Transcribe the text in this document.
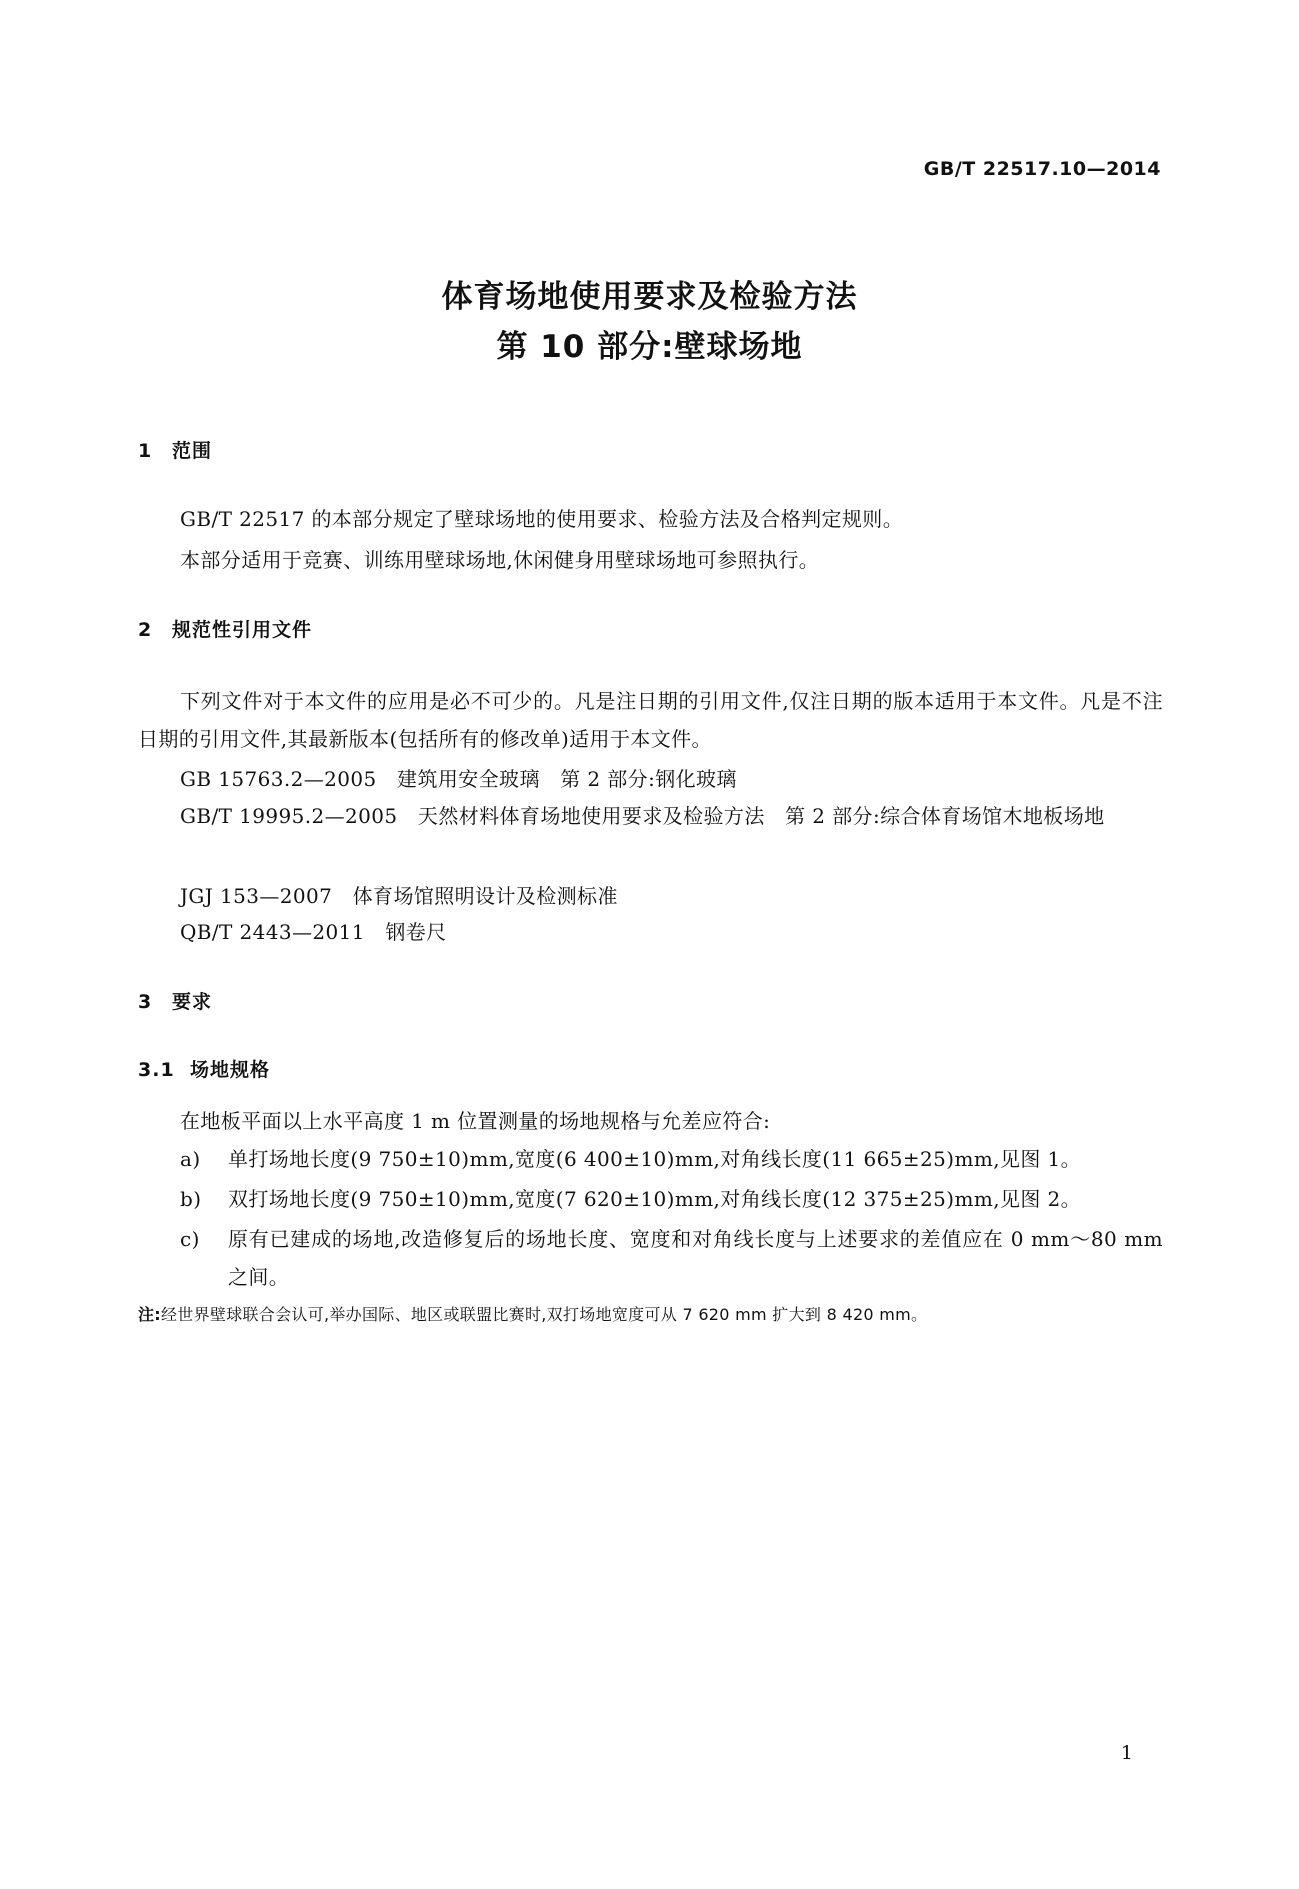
GB/T 22517.10—2014
体育场地使用要求及检验方法
第 10 部分:壁球场地
1 范围
GB/T 22517 的本部分规定了壁球场地的使用要求、检验方法及合格判定规则。
本部分适用于竞赛、训练用壁球场地,休闲健身用壁球场地可参照执行。
2 规范性引用文件
下列文件对于本文件的应用是必不可少的。凡是注日期的引用文件,仅注日期的版本适用于本文件。凡是不注日期的引用文件,其最新版本(包括所有的修改单)适用于本文件。
GB 15763.2—2005　 建筑用安全玻璃　第 2 部分:钢化玻璃
GB/T 19995.2—2005　 天然材料体育场地使用要求及检验方法　第 2 部分:综合体育场馆木地板场地
JGJ 153—2007　 体育场馆照明设计及检测标准
QB/T 2443—2011　 钢卷尺
3 要求
3.1 场地规格
在地板平面以上水平高度 1 m 位置测量的场地规格与允差应符合:
a) 单打场地长度(9 750±10)mm,宽度(6 400±10)mm,对角线长度(11 665±25)mm,见图 1。
b) 双打场地长度(9 750±10)mm,宽度(7 620±10)mm,对角线长度(12 375±25)mm,见图 2。
c) 原有已建成的场地,改造修复后的场地长度、宽度和对角线长度与上述要求的差值应在 0 mm～80 mm 之间。
注:经世界壁球联合会认可,举办国际、地区或联盟比赛时,双打场地宽度可从 7 620 mm 扩大到 8 420 mm。
1
